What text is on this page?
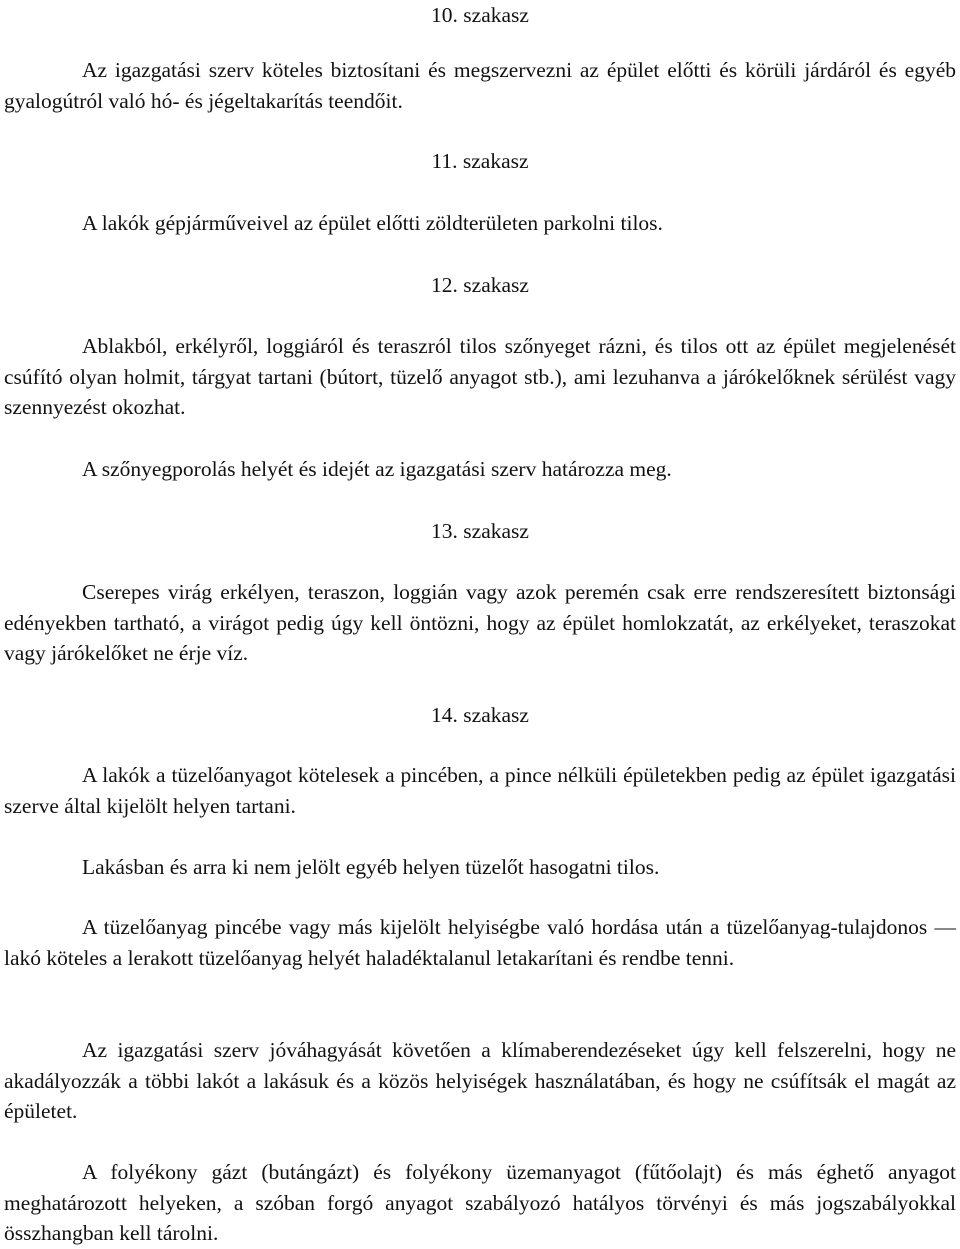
10. szakasz

Az igazgatási szerv köteles biztosítani és megszervezni az épület előtti és körüli járdáról és egyéb gyalogútról való hó- és jégeltakarítás teendőit.

11. szakasz

A lakók gépjárműveivel az épület előtti zöldterületen parkolni tilos.

12. szakasz

Ablakból, erkélyről, loggiáról és teraszról tilos szőnyeget rázni, és tilos ott az épület megjelenését csúfító olyan holmit, tárgyat tartani (bútort, tüzelő anyagot stb.), ami lezuhanva a járókelőknek sérülést vagy szennyezést okozhat.

A szőnyegporolás helyét és idejét az igazgatási szerv határozza meg.

13. szakasz

Cserepes virág erkélyen, teraszon, loggián vagy azok peremén csak erre rendszeresített biztonsági edényekben tartható, a virágot pedig úgy kell öntözni, hogy az épület homlokzatát, az erkélyeket, teraszokat vagy járókelőket ne érje víz.

14. szakasz

A lakók a tüzelőanyagot kötelesek a pincében, a pince nélküli épületekben pedig az épület igazgatási szerve által kijelölt helyen tartani.

Lakásban és arra ki nem jelölt egyéb helyen tüzelőt hasogatni tilos.

A tüzelőanyag pincébe vagy más kijelölt helyiségbe való hordása után a tüzelőanyag-tulajdonos — lakó köteles a lerakott tüzelőanyag helyét haladéktalanul letakarítani és rendbe tenni.

Az igazgatási szerv jóváhagyását követően a klímaberendezéseket úgy kell felszerelni, hogy ne akadályozzák a többi lakót a lakásuk és a közös helyiségek használatában, és hogy ne csúfítsák el magát az épületet.

A folyékony gázt (butángázt) és folyékony üzemanyagot (fűtőolajt) és más éghető anyagot meghatározott helyeken, a szóban forgó anyagot szabályozó hatályos törvényi és más jogszabályokkal összhangban kell tárolni.
